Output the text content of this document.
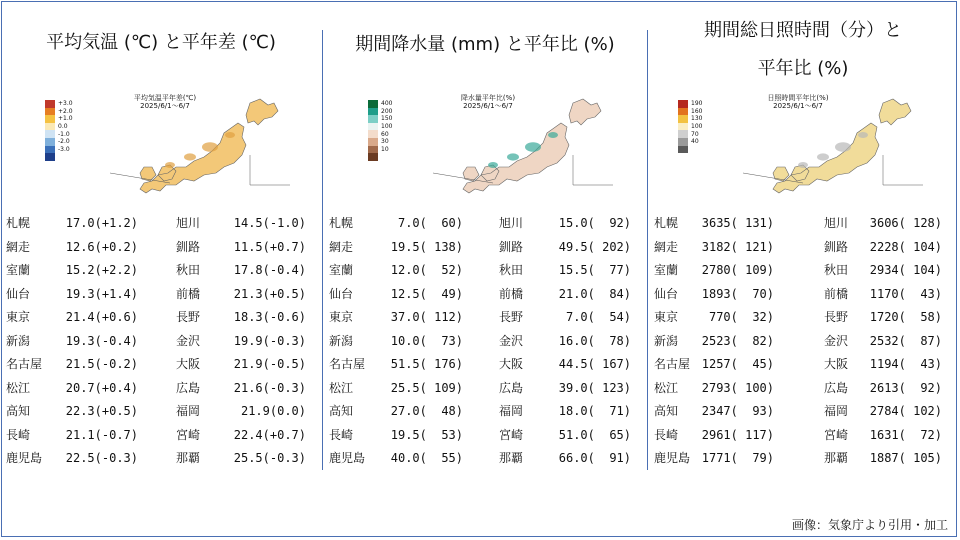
平均気温 (℃) と平年差 (℃)
+3.0
+2.0
+1.0
0.0
-1.0
-2.0
-3.0
平均気温平年差(℃)
2025/6/1～6/7
札幌	17.0(+1.2)	旭川	14.5(-1.0)
網走	12.6(+0.2)	釧路	11.5(+0.7)
室蘭	15.2(+2.2)	秋田	17.8(-0.4)
仙台	19.3(+1.4)	前橋	21.3(+0.5)
東京	21.4(+0.6)	長野	18.3(-0.6)
新潟	19.3(-0.4)	金沢	19.9(-0.3)
名古屋 21.5(-0.2)	大阪	21.9(-0.5)
松江	20.7(+0.4)	広島	21.6(-0.3)
高知	22.3(+0.5)	福岡	21.9(0.0)
長崎	21.1(-0.7)	宮崎	22.4(+0.7)
鹿児島 22.5(-0.3)	那覇	25.5(-0.3)
期間降水量 (mm) と平年比 (%)
400
200
150
100
60
30
10
降水量平年比(%)
2025/6/1～6/7
札幌	7.0(  60)	旭川	15.0(  92)
網走	19.5( 138)	釧路	49.5( 202)
室蘭	12.0(  52)	秋田	15.5(  77)
仙台	12.5(  49)	前橋	21.0(  84)
東京	37.0( 112)	長野	7.0(  54)
新潟	10.0(  73)	金沢	16.0(  78)
名古屋 51.5( 176)	大阪	44.5( 167)
松江	25.5( 109)	広島	39.0( 123)
高知	27.0(  48)	福岡	18.0(  71)
長崎	19.5(  53)	宮崎	51.0(  65)
鹿児島 40.0(  55)	那覇	66.0(  91)
期間総日照時間（分）と
平年比 (%)
190
160
130
100
70
40
日照時間平年比(%)
2025/6/1～6/7
札幌 3635( 131)	旭川 3606( 128)
網走 3182( 121)	釧路 2228( 104)
室蘭 2780( 109)	秋田 2934( 104)
仙台 1893(  70)	前橋 1170(  43)
東京	770(  32)	長野 1720(  58)
新潟 2523(  82)	金沢 2532(  87)
名古屋 1257(  45)	大阪 1194(  43)
松江 2793( 100)	広島 2613(  92)
高知 2347(  93)	福岡 2784( 102)
長崎 2961( 117)	宮崎 1631(  72)
鹿児島 1771(  79)	那覇 1887( 105)
画像：気象庁より引用・加工
